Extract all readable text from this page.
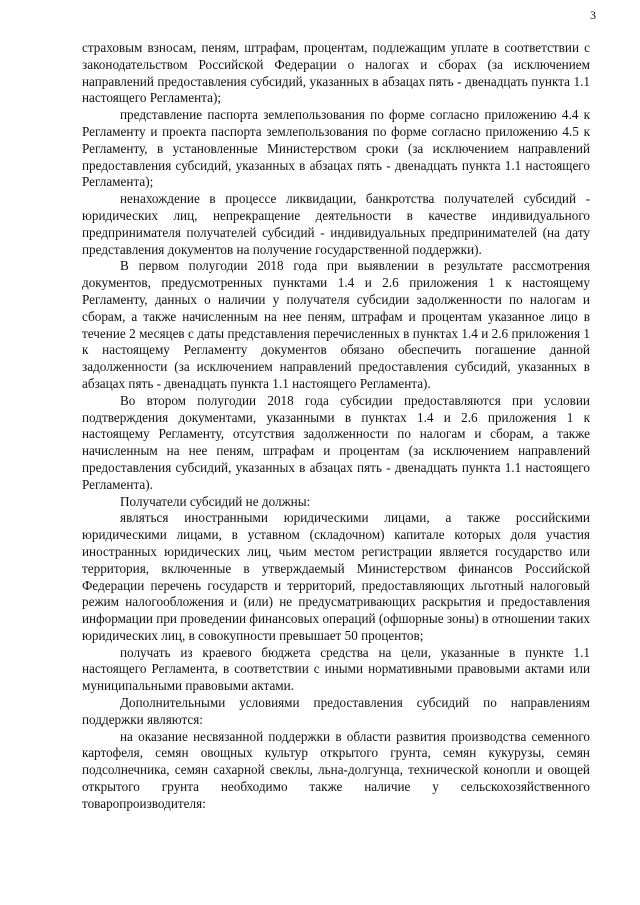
3

страховым взносам, пеням, штрафам, процентам, подлежащим уплате в соответствии с законодательством Российской Федерации о налогах и сборах (за исключением направлений предоставления субсидий, указанных в абзацах пять - двенадцать пункта 1.1 настоящего Регламента);

представление паспорта землепользования по форме согласно приложению 4.4 к Регламенту и проекта паспорта землепользования по форме согласно приложению 4.5 к Регламенту, в установленные Министерством сроки (за исключением направлений предоставления субсидий, указанных в абзацах пять - двенадцать пункта 1.1 настоящего Регламента);

ненахождение в процессе ликвидации, банкротства получателей субсидий - юридических лиц, непрекращение деятельности в качестве индивидуального предпринимателя получателей субсидий - индивидуальных предпринимателей (на дату представления документов на получение государственной поддержки).

В первом полугодии 2018 года при выявлении в результате рассмотрения документов, предусмотренных пунктами 1.4 и 2.6 приложения 1 к настоящему Регламенту, данных о наличии у получателя субсидии задолженности по налогам и сборам, а также начисленным на нее пеням, штрафам и процентам указанное лицо в течение 2 месяцев с даты представления перечисленных в пунктах 1.4 и 2.6 приложения 1 к настоящему Регламенту документов обязано обеспечить погашение данной задолженности (за исключением направлений предоставления субсидий, указанных в абзацах пять - двенадцать пункта 1.1 настоящего Регламента).

Во втором полугодии 2018 года субсидии предоставляются при условии подтверждения документами, указанными в пунктах 1.4 и 2.6 приложения 1 к настоящему Регламенту, отсутствия задолженности по налогам и сборам, а также начисленным на нее пеням, штрафам и процентам (за исключением направлений предоставления субсидий, указанных в абзацах пять - двенадцать пункта 1.1 настоящего Регламента).

Получатели субсидий не должны:

являться иностранными юридическими лицами, а также российскими юридическими лицами, в уставном (складочном) капитале которых доля участия иностранных юридических лиц, чьим местом регистрации является государство или территория, включенные в утверждаемый Министерством финансов Российской Федерации перечень государств и территорий, предоставляющих льготный налоговый режим налогообложения и (или) не предусматривающих раскрытия и предоставления информации при проведении финансовых операций (офшорные зоны) в отношении таких юридических лиц, в совокупности превышает 50 процентов;

получать из краевого бюджета средства на цели, указанные в пункте 1.1 настоящего Регламента, в соответствии с иными нормативными правовыми актами или муниципальными правовыми актами.

Дополнительными условиями предоставления субсидий по направлениям поддержки являются:

на оказание несвязанной поддержки в области развития производства семенного картофеля, семян овощных культур открытого грунта, семян кукурузы, семян подсолнечника, семян сахарной свеклы, льна-долгунца, технической конопли и овощей открытого грунта необходимо также наличие у сельскохозяйственного товаропроизводителя:
